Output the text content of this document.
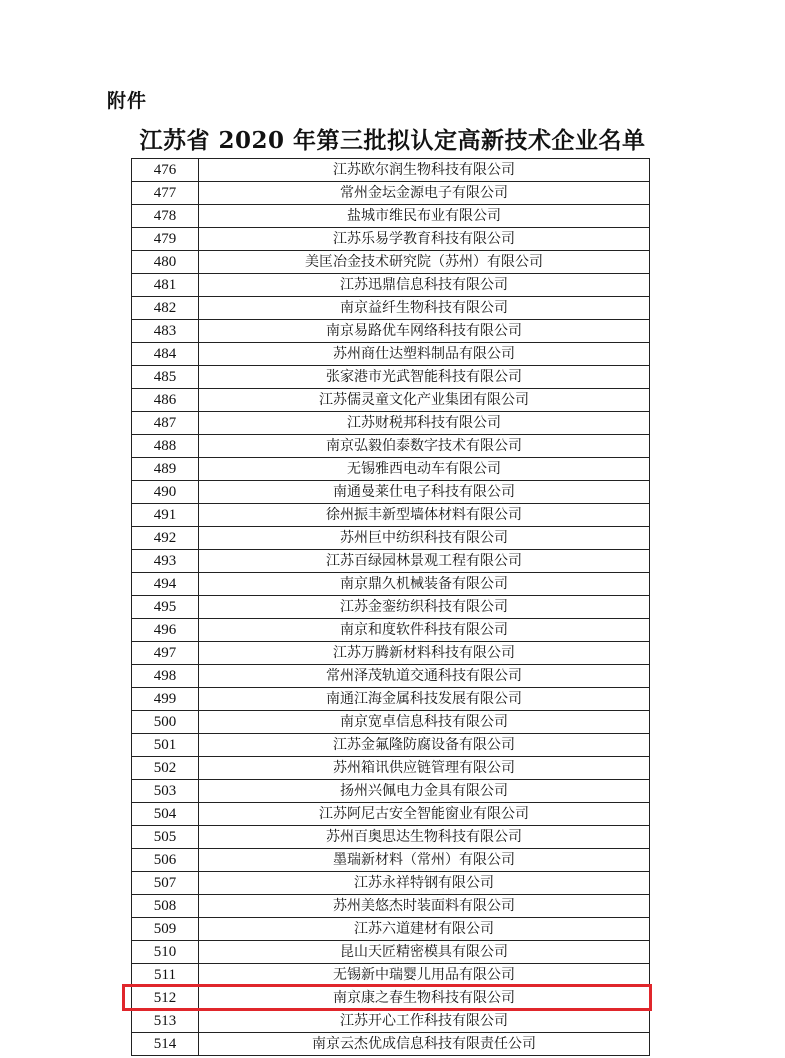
附件
江苏省 2020 年第三批拟认定高新技术企业名单
476	江苏欧尔润生物科技有限公司
477	常州金坛金源电子有限公司
478	盐城市维民布业有限公司
479	江苏乐易学教育科技有限公司
480	美匡冶金技术研究院（苏州）有限公司
481	江苏迅鼎信息科技有限公司
482	南京益纤生物科技有限公司
483	南京易路优车网络科技有限公司
484	苏州商仕达塑料制品有限公司
485	张家港市光武智能科技有限公司
486	江苏儒灵童文化产业集团有限公司
487	江苏财税邦科技有限公司
488	南京弘毅伯泰数字技术有限公司
489	无锡雅西电动车有限公司
490	南通曼莱仕电子科技有限公司
491	徐州振丰新型墙体材料有限公司
492	苏州巨中纺织科技有限公司
493	江苏百绿园林景观工程有限公司
494	南京鼎久机械装备有限公司
495	江苏金銮纺织科技有限公司
496	南京和度软件科技有限公司
497	江苏万腾新材料科技有限公司
498	常州泽茂轨道交通科技有限公司
499	南通江海金属科技发展有限公司
500	南京宽卓信息科技有限公司
501	江苏金氟隆防腐设备有限公司
502	苏州箱讯供应链管理有限公司
503	扬州兴佩电力金具有限公司
504	江苏阿尼古安全智能窗业有限公司
505	苏州百奥思达生物科技有限公司
506	墨瑞新材料（常州）有限公司
507	江苏永祥特钢有限公司
508	苏州美悠杰时装面料有限公司
509	江苏六道建材有限公司
510	昆山天匠精密模具有限公司
511	无锡新中瑞婴儿用品有限公司
512	南京康之春生物科技有限公司
513	江苏开心工作科技有限公司
514	南京云杰优成信息科技有限责任公司
